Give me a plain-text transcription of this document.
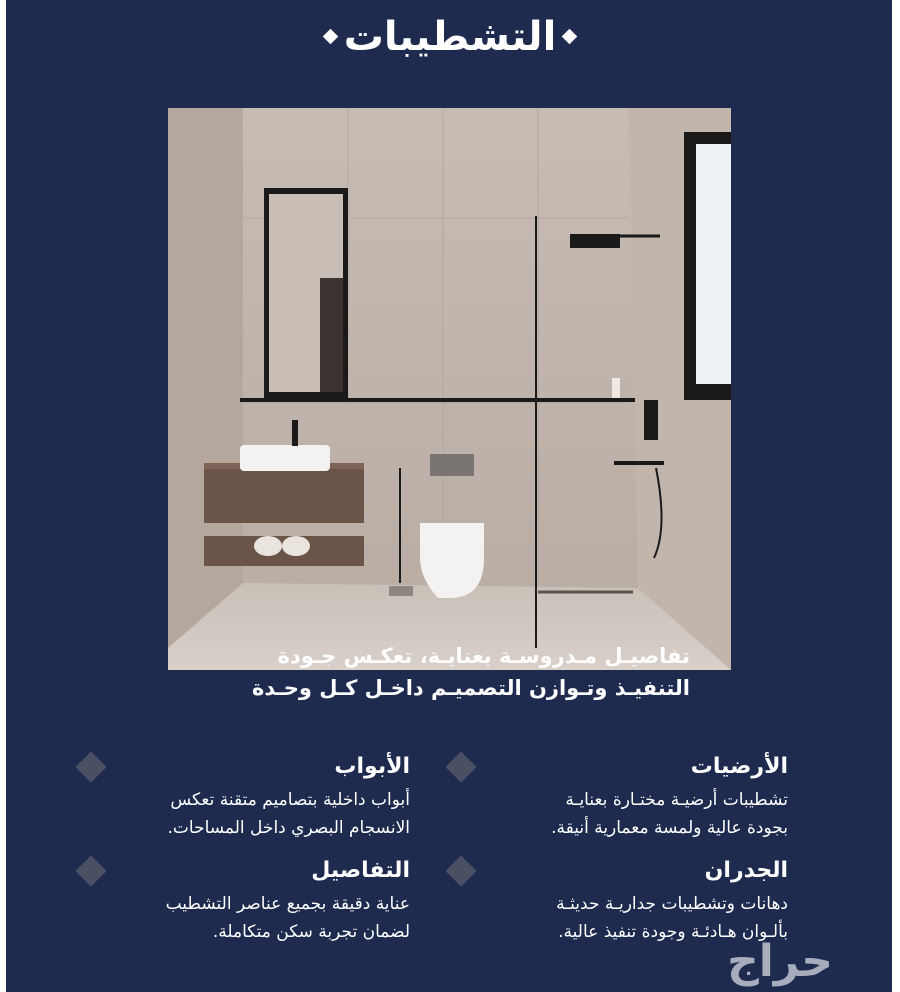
التشطيبات
تفاصيـل مـدروسـة بعنايـة، تعكـس جـودة
التنفيـذ وتـوازن التصميـم داخـل كـل وحـدة
الأرضيات
تشطيبات أرضيـة مختـارة بعنايـة
بجودة عالية ولمسة معمارية أنيقة.
الجدران
دهانات وتشطيبات جداريـة حديثـة
بألـوان هـادئـة وجودة تنفيذ عالية.
الأبواب
أبواب داخلية بتصاميم متقنة تعكس
الانسجام البصري داخل المساحات.
التفاصيل
عناية دقيقة بجميع عناصر التشطيب
لضمان تجربة سكن متكاملة.
حراج
